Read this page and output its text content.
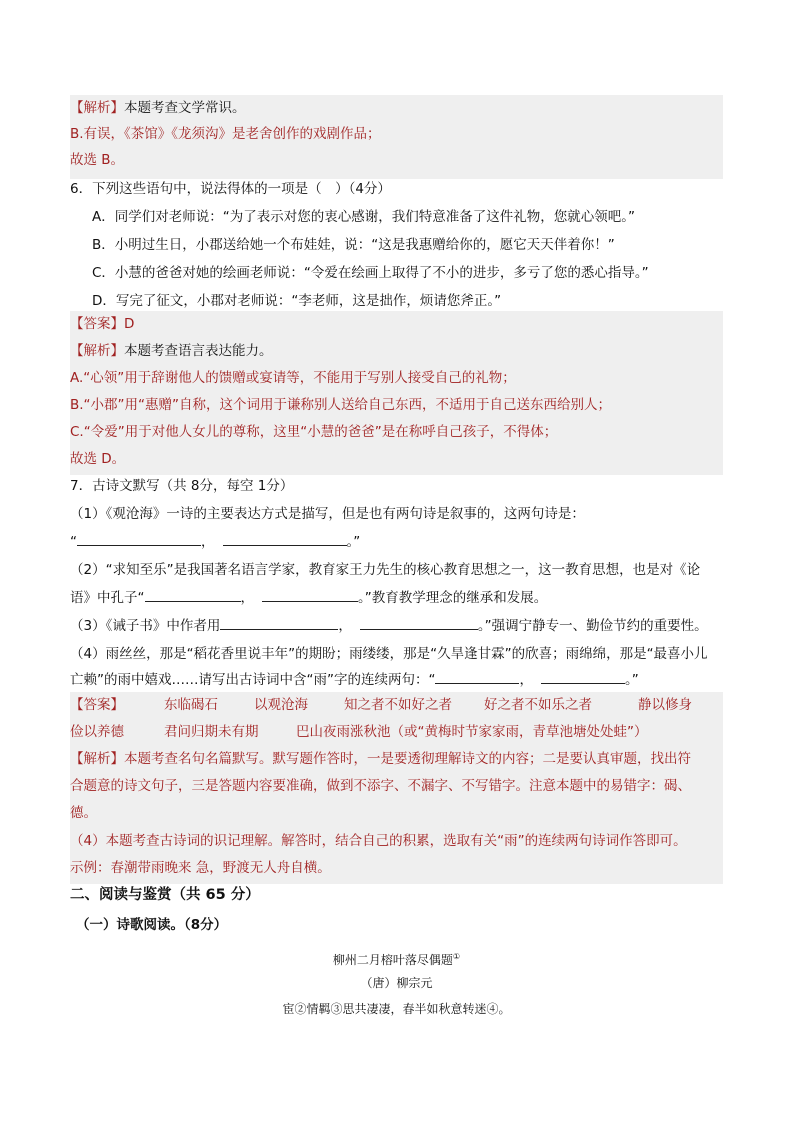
【解析】本题考查文学常识。
B.有误，《茶馆》《龙须沟》是老舍创作的戏剧作品；
故选 B。
6．下列这些语句中，说法得体的一项是（　）（4分）
A．同学们对老师说：“为了表示对您的衷心感谢，我们特意准备了这件礼物，您就心领吧。”
B．小明过生日，小郡送给她一个布娃娃，说：“这是我惠赠给你的，愿它天天伴着你！”
C．小慧的爸爸对她的绘画老师说：“令爱在绘画上取得了不小的进步，多亏了您的悉心指导。”
D．写完了征文，小郡对老师说：“李老师，这是拙作，烦请您斧正。”
【答案】D
【解析】本题考查语言表达能力。
A.“心领”用于辞谢他人的馈赠或宴请等，不能用于写别人接受自己的礼物；
B.“小郡”用“惠赠”自称，这个词用于谦称别人送给自己东西，不适用于自己送东西给别人；
C.“令爱”用于对他人女儿的尊称，这里“小慧的爸爸”是在称呼自己孩子，不得体；
故选 D。
7．古诗文默写（共 8分，每空 1分）
（1）《观沧海》一诗的主要表达方式是描写，但是也有两句诗是叙事的，这两句诗是：
“	，	。”
（2）“求知至乐”是我国著名语言学家，教育家王力先生的核心教育思想之一，这一教育思想，也是对《论
语》中孔子“	，	。”教育教学理念的继承和发展。
（3）《诫子书》中作者用	，	。”强调宁静专一、勤俭节约的重要性。
（4）雨丝丝，那是“稻花香里说丰年”的期盼；雨缕缕，那是“久旱逢甘霖”的欣喜；雨绵绵，那是“最喜小儿
亡赖”的雨中嬉戏……请写出古诗词中含“雨”字的连续两句：“	，	。”
【答案】	东临碣石	以观沧海	知之者不如好之者 好之者不如乐之者	静以修身
俭以养德	君问归期未有期	巴山夜雨涨秋池（或“黄梅时节家家雨，青草池塘处处蛙”）
【解析】本题考查名句名篇默写。默写题作答时，一是要透彻理解诗文的内容；二是要认真审题，找出符
合题意的诗文句子，三是答题内容要准确，做到不添字、不漏字、不写错字。注意本题中的易错字：碣、
德。
（4）本题考查古诗词的识记理解。解答时，结合自己的积累，选取有关“雨”的连续两句诗词作答即可。
示例：春潮带雨晚来 急，野渡无人舟自横。
二、阅读与鉴赏（共 65 分）
（一）诗歌阅读。（8分）
柳州二月榕叶落尽偶题①
（唐）柳宗元
宦②情羁③思共凄凄，春半如秋意转迷④。
